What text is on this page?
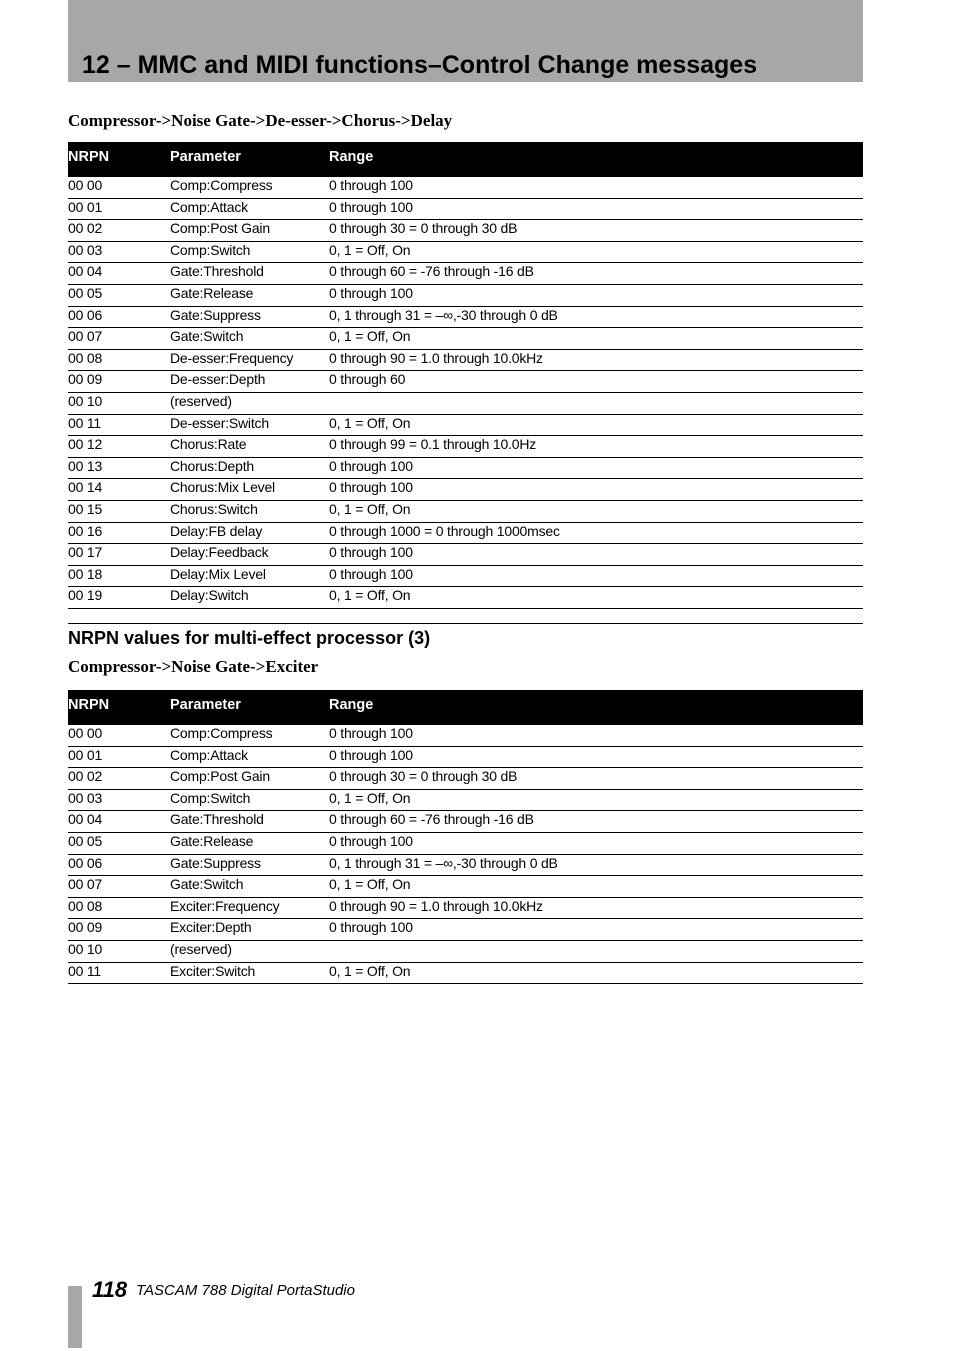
12 – MMC and MIDI functions–Control Change messages
Compressor->Noise Gate->De-esser->Chorus->Delay
NRPN	Parameter	Range
00 00	Comp:Compress	0 through 100
00 01	Comp:Attack	0 through 100
00 02	Comp:Post Gain	0 through 30 = 0 through 30 dB
00 03	Comp:Switch	0, 1 = Off, On
00 04	Gate:Threshold	0 through 60 = -76 through -16 dB
00 05	Gate:Release	0 through 100
00 06	Gate:Suppress	0, 1 through 31 = –∞,-30 through 0 dB
00 07	Gate:Switch	0, 1 = Off, On
00 08	De-esser:Frequency	0 through 90 = 1.0 through 10.0kHz
00 09	De-esser:Depth	0 through 60
00 10	(reserved)	
00 11	De-esser:Switch	0, 1 = Off, On
00 12	Chorus:Rate	0 through 99 = 0.1 through 10.0Hz
00 13	Chorus:Depth	0 through 100
00 14	Chorus:Mix Level	0 through 100
00 15	Chorus:Switch	0, 1 = Off, On
00 16	Delay:FB delay	0 through 1000 = 0 through 1000msec
00 17	Delay:Feedback	0 through 100
00 18	Delay:Mix Level	0 through 100
00 19	Delay:Switch	0, 1 = Off, On
NRPN values for multi-effect processor (3)
Compressor->Noise Gate->Exciter
NRPN	Parameter	Range
00 00	Comp:Compress	0 through 100
00 01	Comp:Attack	0 through 100
00 02	Comp:Post Gain	0 through 30 = 0 through 30 dB
00 03	Comp:Switch	0, 1 = Off, On
00 04	Gate:Threshold	0 through 60 = -76 through -16 dB
00 05	Gate:Release	0 through 100
00 06	Gate:Suppress	0, 1 through 31 = –∞,-30 through 0 dB
00 07	Gate:Switch	0, 1 = Off, On
00 08	Exciter:Frequency	0 through 90 = 1.0 through 10.0kHz
00 09	Exciter:Depth	0 through 100
00 10	(reserved)	
00 11	Exciter:Switch	0, 1 = Off, On
118 TASCAM 788 Digital PortaStudio
